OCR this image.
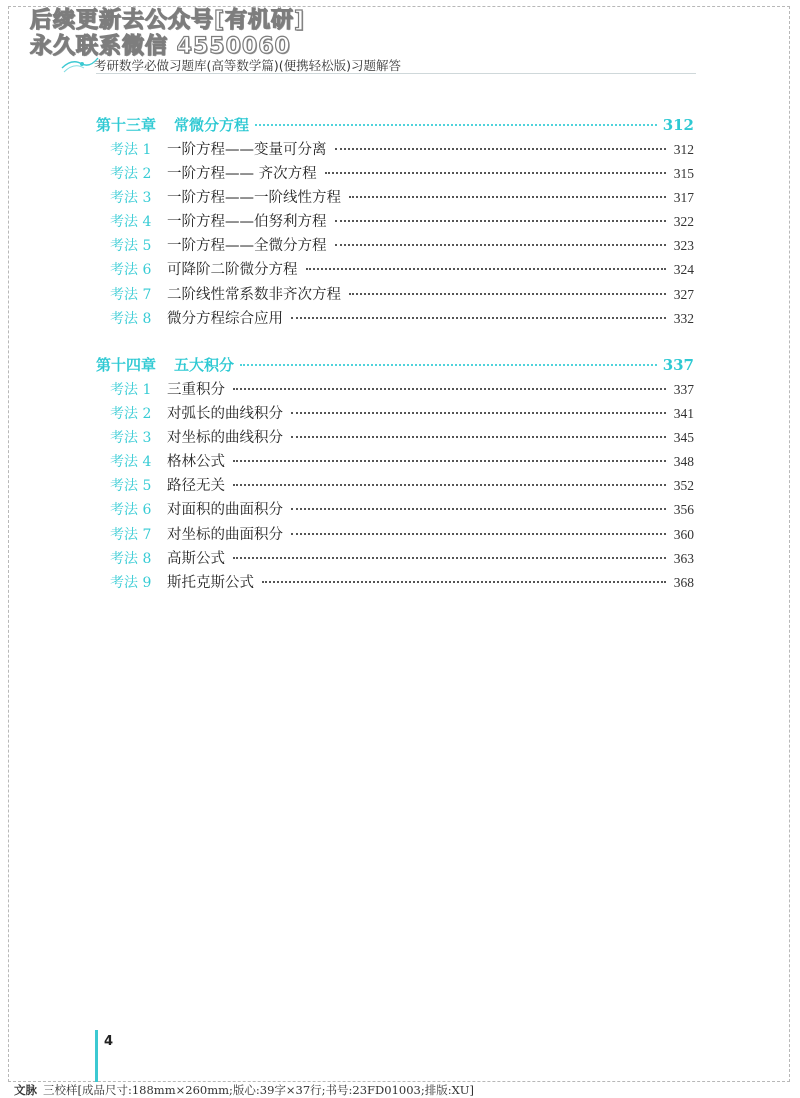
后续更新去公众号[有机研]
永久联系微信 4550060
考研数学必做习题库(高等数学篇)(便携轻松版)习题解答
第十三章 常微分方程	312
考法 1	一阶方程——变量可分离	312
考法 2	一阶方程—— 齐次方程	315
考法 3	一阶方程——一阶线性方程	317
考法 4	一阶方程——伯努利方程	322
考法 5	一阶方程——全微分方程	323
考法 6	可降阶二阶微分方程	324
考法 7	二阶线性常系数非齐次方程	327
考法 8	微分方程综合应用	332
第十四章 五大积分	337
考法 1	三重积分	337
考法 2	对弧长的曲线积分	341
考法 3	对坐标的曲线积分	345
考法 4	格林公式	348
考法 5	路径无关	352
考法 6	对面积的曲面积分	356
考法 7	对坐标的曲面积分	360
考法 8	高斯公式	363
考法 9	斯托克斯公式	368
4
文脉 三校样[成品尺寸:188mm×260mm;版心:39字×37行;书号:23FD01003;排版:XU]
